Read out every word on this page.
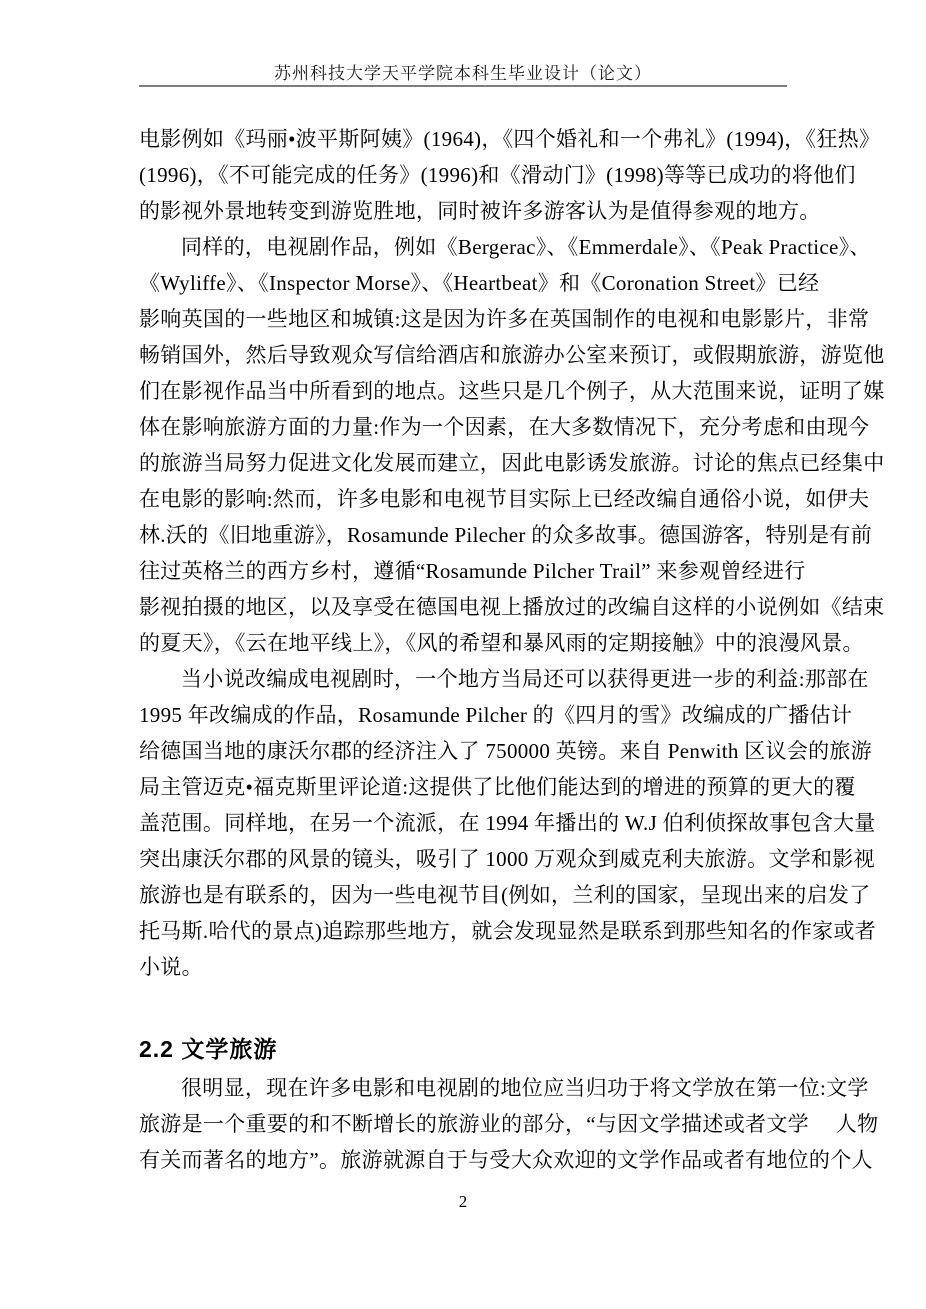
苏州科技大学天平学院本科生毕业设计（论文）
电影例如《玛丽•波平斯阿姨》(1964)，《四个婚礼和一个弗礼》(1994)，《狂热》
(1996)，《不可能完成的任务》(1996)和《滑动门》(1998)等等已成功的将他们
的影视外景地转变到游览胜地，同时被许多游客认为是值得参观的地方。
同样的，电视剧作品，例如《Bergerac》、《Emmerdale》、《Peak Practice》、
《Wyliffe》、《Inspector Morse》、《Heartbeat》和《Coronation Street》已经
影响英国的一些地区和城镇:这是因为许多在英国制作的电视和电影影片，非常
畅销国外，然后导致观众写信给酒店和旅游办公室来预订，或假期旅游，游览他
们在影视作品当中所看到的地点。这些只是几个例子，从大范围来说，证明了媒
体在影响旅游方面的力量:作为一个因素，在大多数情况下，充分考虑和由现今
的旅游当局努力促进文化发展而建立，因此电影诱发旅游。讨论的焦点已经集中
在电影的影响:然而，许多电影和电视节目实际上已经改编自通俗小说，如伊夫
林.沃的《旧地重游》，Rosamunde Pilecher 的众多故事。德国游客，特别是有前
往过英格兰的西方乡村，遵循“Rosamunde Pilcher Trail” 来参观曾经进行
影视拍摄的地区，以及享受在德国电视上播放过的改编自这样的小说例如《结束
的夏天》，《云在地平线上》，《风的希望和暴风雨的定期接触》中的浪漫风景。
当小说改编成电视剧时，一个地方当局还可以获得更进一步的利益:那部在
1995 年改编成的作品，Rosamunde Pilcher 的《四月的雪》改编成的广播估计
给德国当地的康沃尔郡的经济注入了 750000 英镑。来自 Penwith 区议会的旅游
局主管迈克•福克斯里评论道:这提供了比他们能达到的增进的预算的更大的覆
盖范围。同样地，在另一个流派，在 1994 年播出的 W.J 伯利侦探故事包含大量
突出康沃尔郡的风景的镜头，吸引了 1000 万观众到威克利夫旅游。文学和影视
旅游也是有联系的，因为一些电视节目(例如，兰利的国家，呈现出来的启发了
托马斯.哈代的景点)追踪那些地方，就会发现显然是联系到那些知名的作家或者
小说。
2.2 文学旅游
很明显，现在许多电影和电视剧的地位应当归功于将文学放在第一位:文学
旅游是一个重要的和不断增长的旅游业的部分，“与因文学描述或者文学　 人物
有关而著名的地方”。旅游就源自于与受大众欢迎的文学作品或者有地位的个人
2
